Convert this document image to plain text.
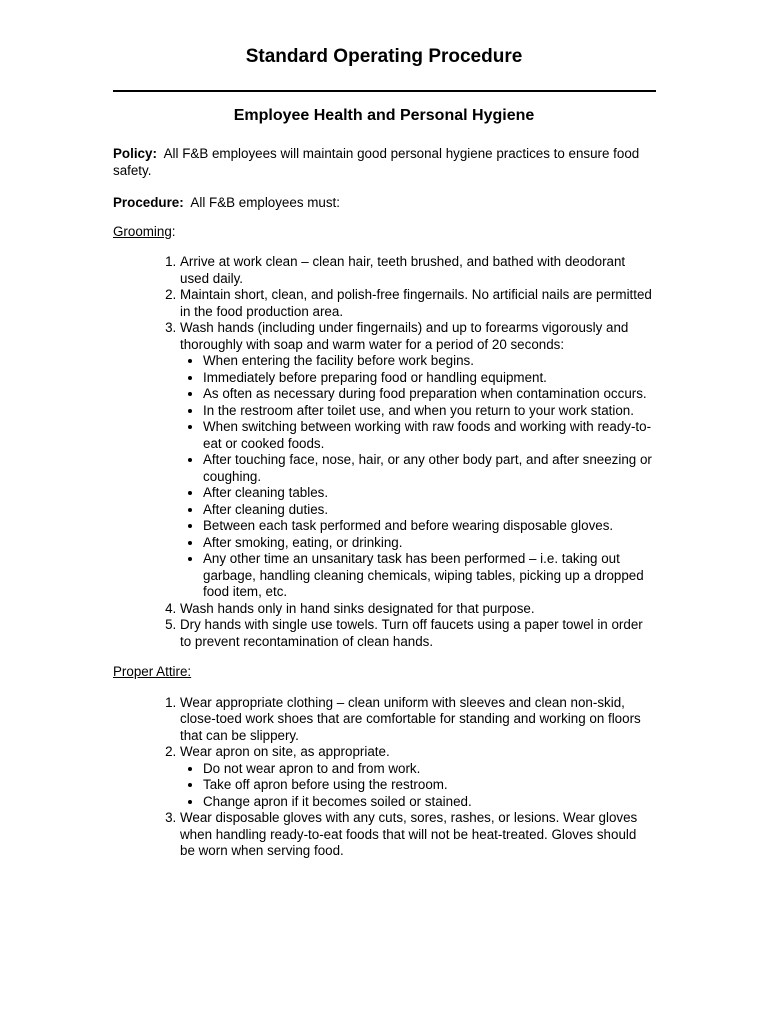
Standard Operating Procedure
Employee Health and Personal Hygiene

Policy: All F&B employees will maintain good personal hygiene practices to ensure food safety.

Procedure: All F&B employees must:

Grooming:

1. Arrive at work clean – clean hair, teeth brushed, and bathed with deodorant used daily.
2. Maintain short, clean, and polish-free fingernails. No artificial nails are permitted in the food production area.
3. Wash hands (including under fingernails) and up to forearms vigorously and thoroughly with soap and warm water for a period of 20 seconds:
• When entering the facility before work begins.
• Immediately before preparing food or handling equipment.
• As often as necessary during food preparation when contamination occurs.
• In the restroom after toilet use, and when you return to your work station.
• When switching between working with raw foods and working with ready-to-eat or cooked foods.
• After touching face, nose, hair, or any other body part, and after sneezing or coughing.
• After cleaning tables.
• After cleaning duties.
• Between each task performed and before wearing disposable gloves.
• After smoking, eating, or drinking.
• Any other time an unsanitary task has been performed – i.e. taking out garbage, handling cleaning chemicals, wiping tables, picking up a dropped food item, etc.
4. Wash hands only in hand sinks designated for that purpose.
5. Dry hands with single use towels. Turn off faucets using a paper towel in order to prevent recontamination of clean hands.

Proper Attire:

1. Wear appropriate clothing – clean uniform with sleeves and clean non-skid, close-toed work shoes that are comfortable for standing and working on floors that can be slippery.
2. Wear apron on site, as appropriate.
• Do not wear apron to and from work.
• Take off apron before using the restroom.
• Change apron if it becomes soiled or stained.
3. Wear disposable gloves with any cuts, sores, rashes, or lesions. Wear gloves when handling ready-to-eat foods that will not be heat-treated. Gloves should be worn when serving food.
